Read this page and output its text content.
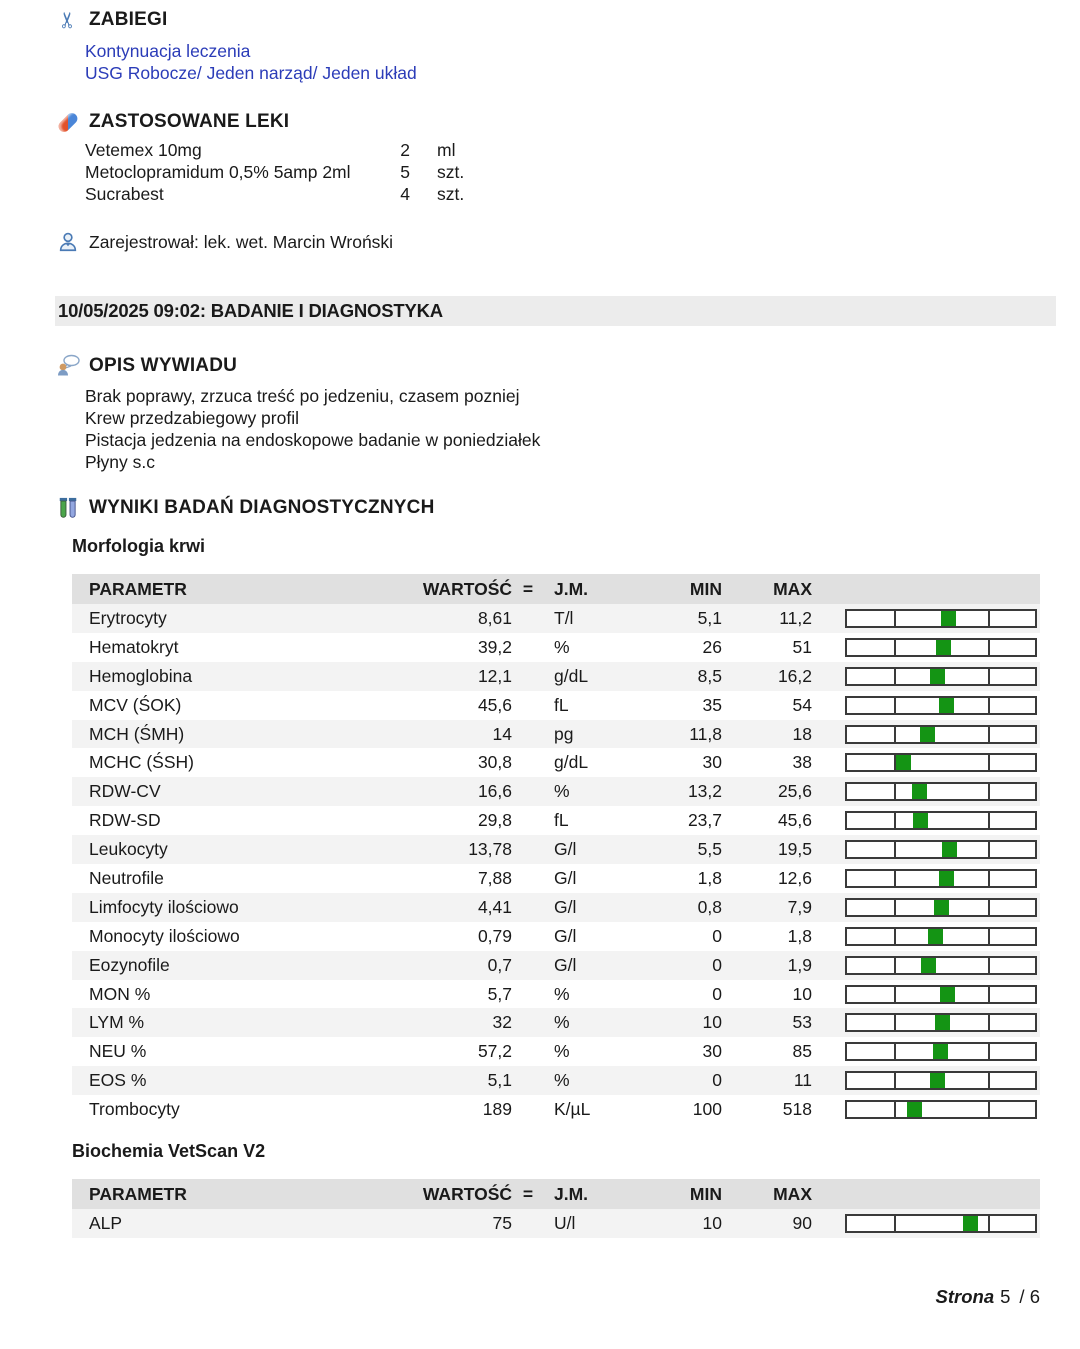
✂ ZABIEGI
Kontynuacja leczenia
USG Robocze/ Jeden narząd/ Jeden układ
ZASTOSOWANE LEKI
Vetemex 10mg	2 ml
Metoclopramidum 0,5% 5amp 2ml	5 szt.
Sucrabest	4 szt.
Zarejestrował: lek. wet. Marcin Wroński
10/05/2025 09:02: BADANIE I DIAGNOSTYKA
OPIS WYWIADU
Brak poprawy, zrzuca treść po jedzeniu, czasem pozniej
Krew przedzabiegowy profil
Pistacja jedzenia na endoskopowe badanie w poniedziałek
Płyny s.c
WYNIKI BADAŃ DIAGNOSTYCZNYCH
Morfologia krwi
PARAMETR	WARTOŚĆ =	J.M.	MIN	MAX
Erytrocyty	8,61	T/l	5,1	11,2
Hematokryt	39,2	%	26	51
Hemoglobina	12,1	g/dL	8,5	16,2
MCV (ŚOK)	45,6	fL	35	54
MCH (ŚMH)	14	pg	11,8	18
MCHC (ŚSH)	30,8	g/dL	30	38
RDW-CV	16,6	%	13,2	25,6
RDW-SD	29,8	fL	23,7	45,6
Leukocyty	13,78	G/l	5,5	19,5
Neutrofile	7,88	G/l	1,8	12,6
Limfocyty ilościowo	4,41	G/l	0,8	7,9
Monocyty ilościowo	0,79	G/l	0	1,8
Eozynofile	0,7	G/l	0	1,9
MON %	5,7	%	0	10
LYM %	32	%	10	53
NEU %	57,2	%	30	85
EOS %	5,1	%	0	11
Trombocyty	189	K/µL	100	518
Biochemia VetScan V2
PARAMETR	WARTOŚĆ =	J.M.	MIN	MAX
ALP	75	U/l	10	90
Strona 5 / 6
